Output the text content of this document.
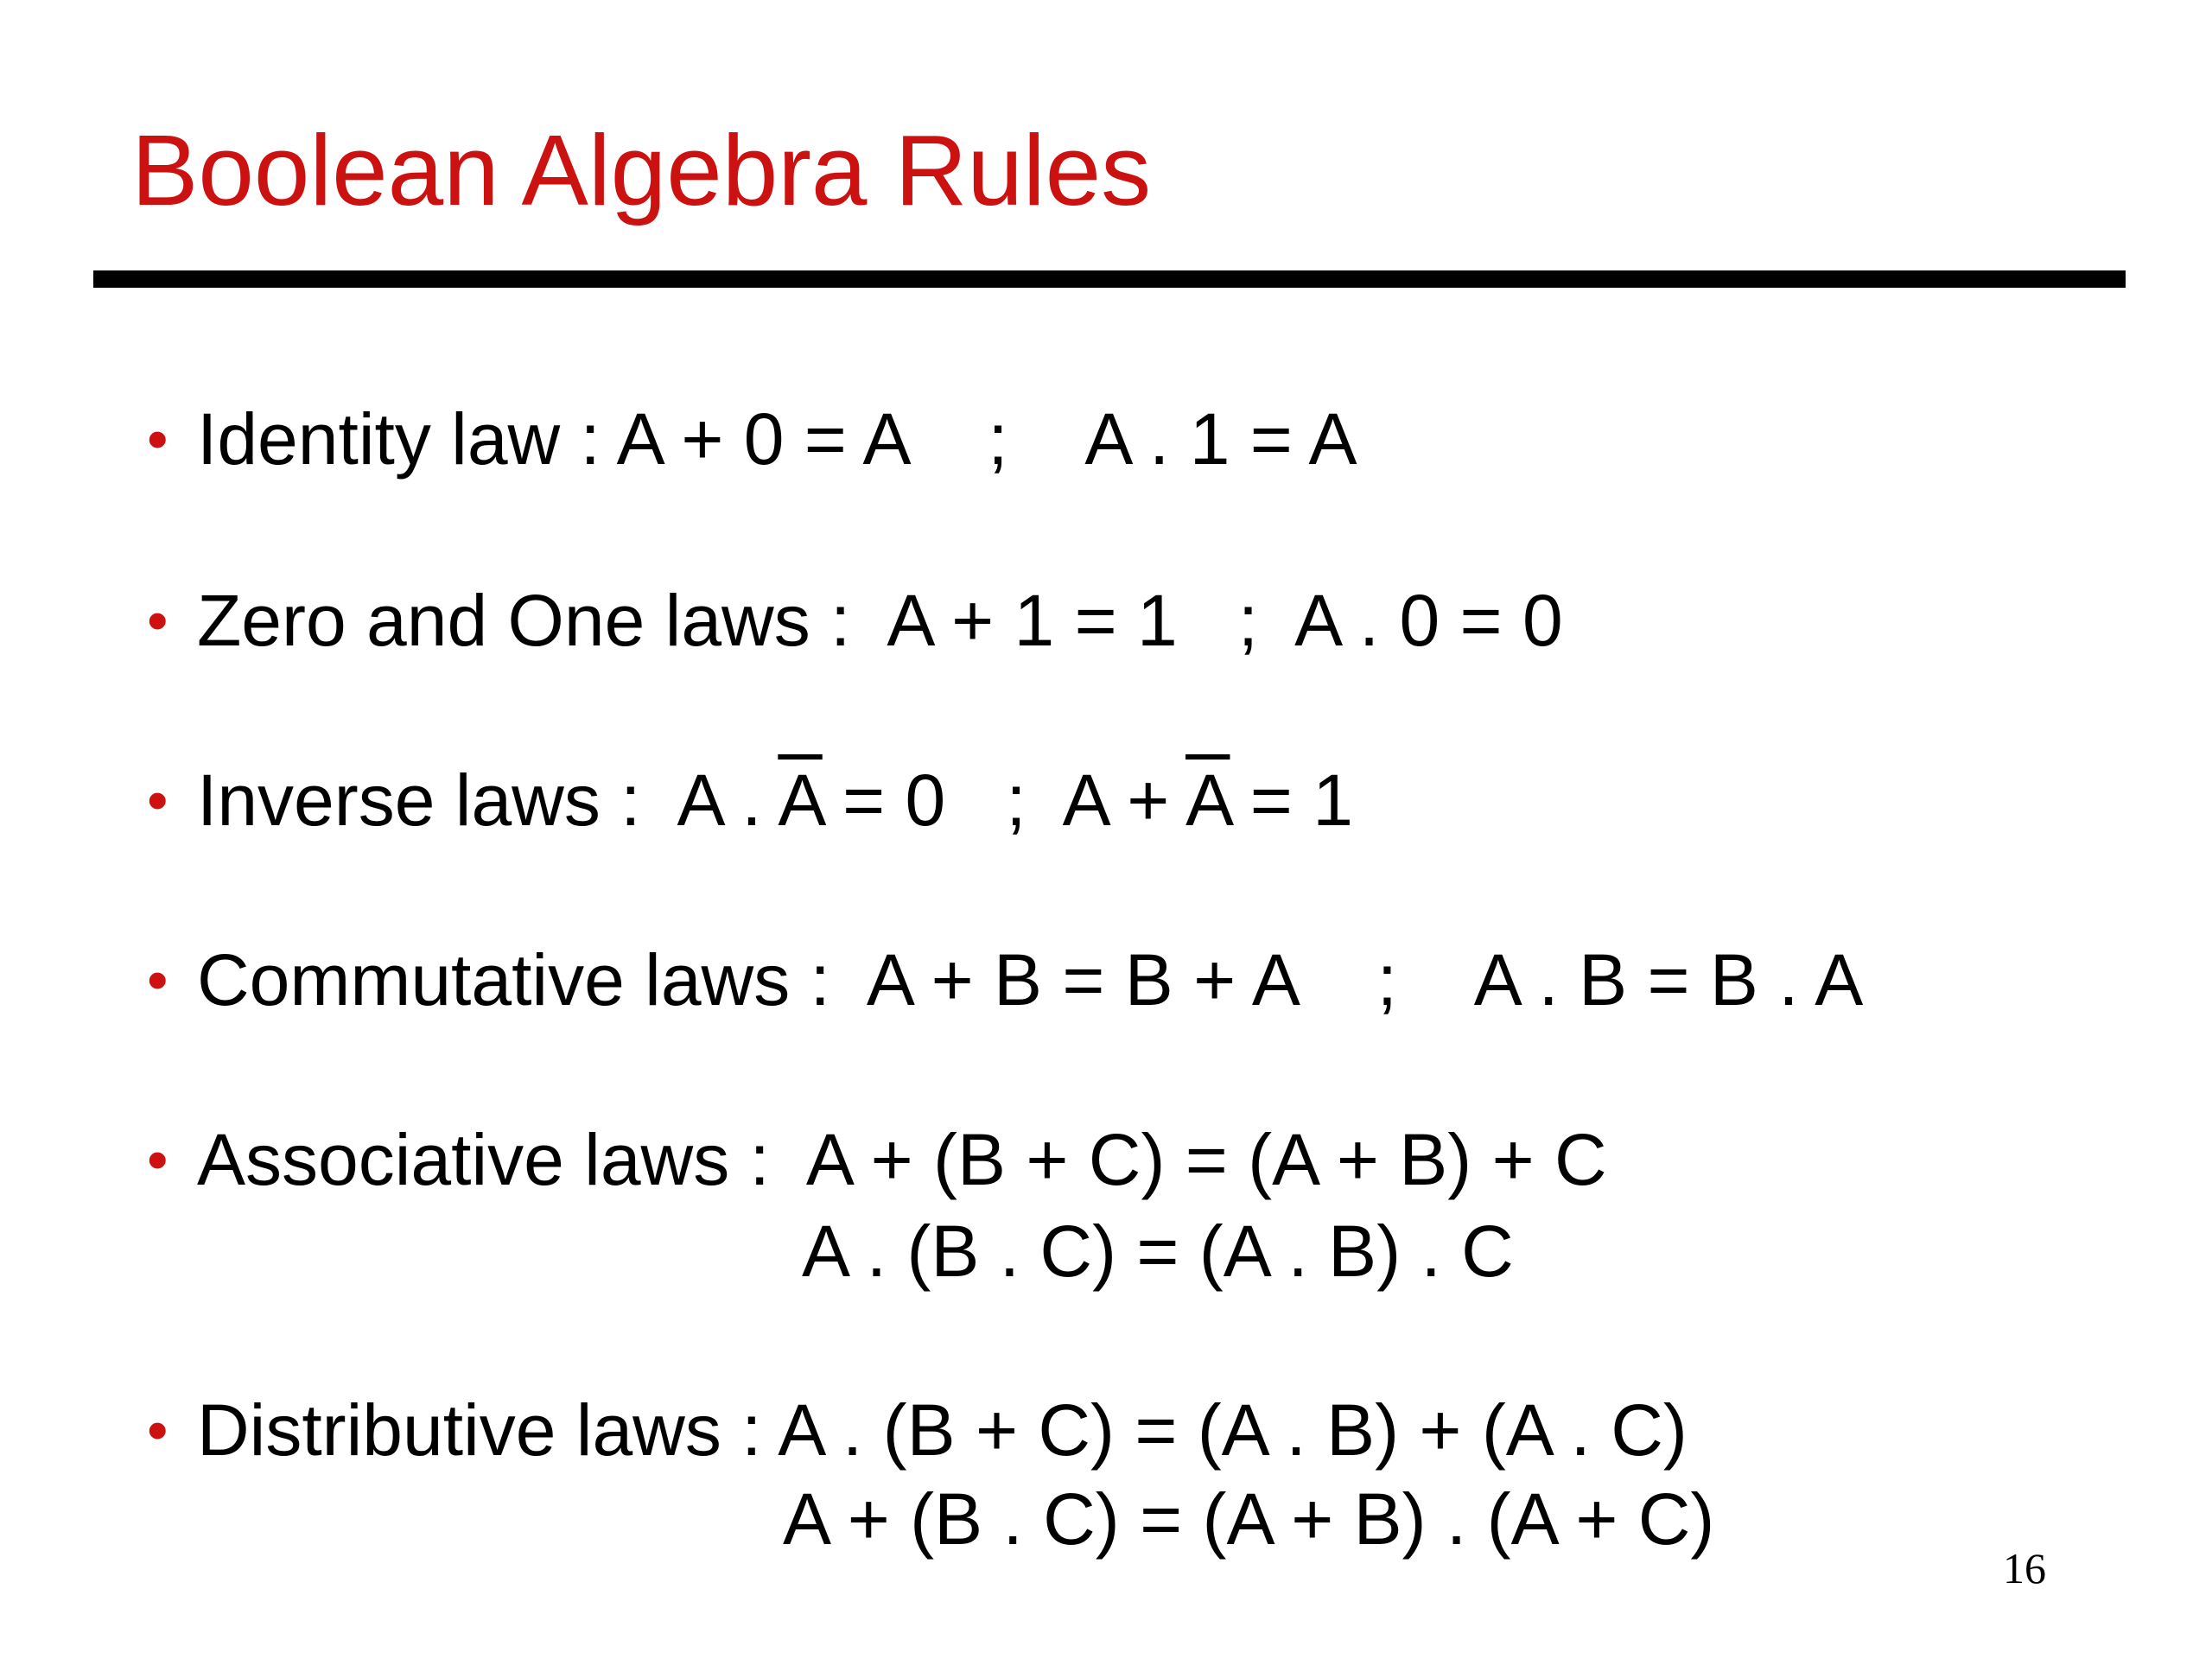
Boolean Algebra Rules
• Identity law : A + 0 = A    ;    A . 1 = A
• Zero and One laws :  A + 1 = 1   ;  A . 0 = 0
• Inverse laws :  A . $\overline{A} = 0$   ;  $A + \overline{A} = 1$
• Commutative laws :  A + B = B + A    ;    A . B = B . A
• Associative laws :  A + (B + C) = (A + B) + C
A . (B . C) = (A . B) . C
• Distributive laws : A . (B + C) = (A . B) + (A . C)
A + (B . C) = (A + B) . (A + C)
16
